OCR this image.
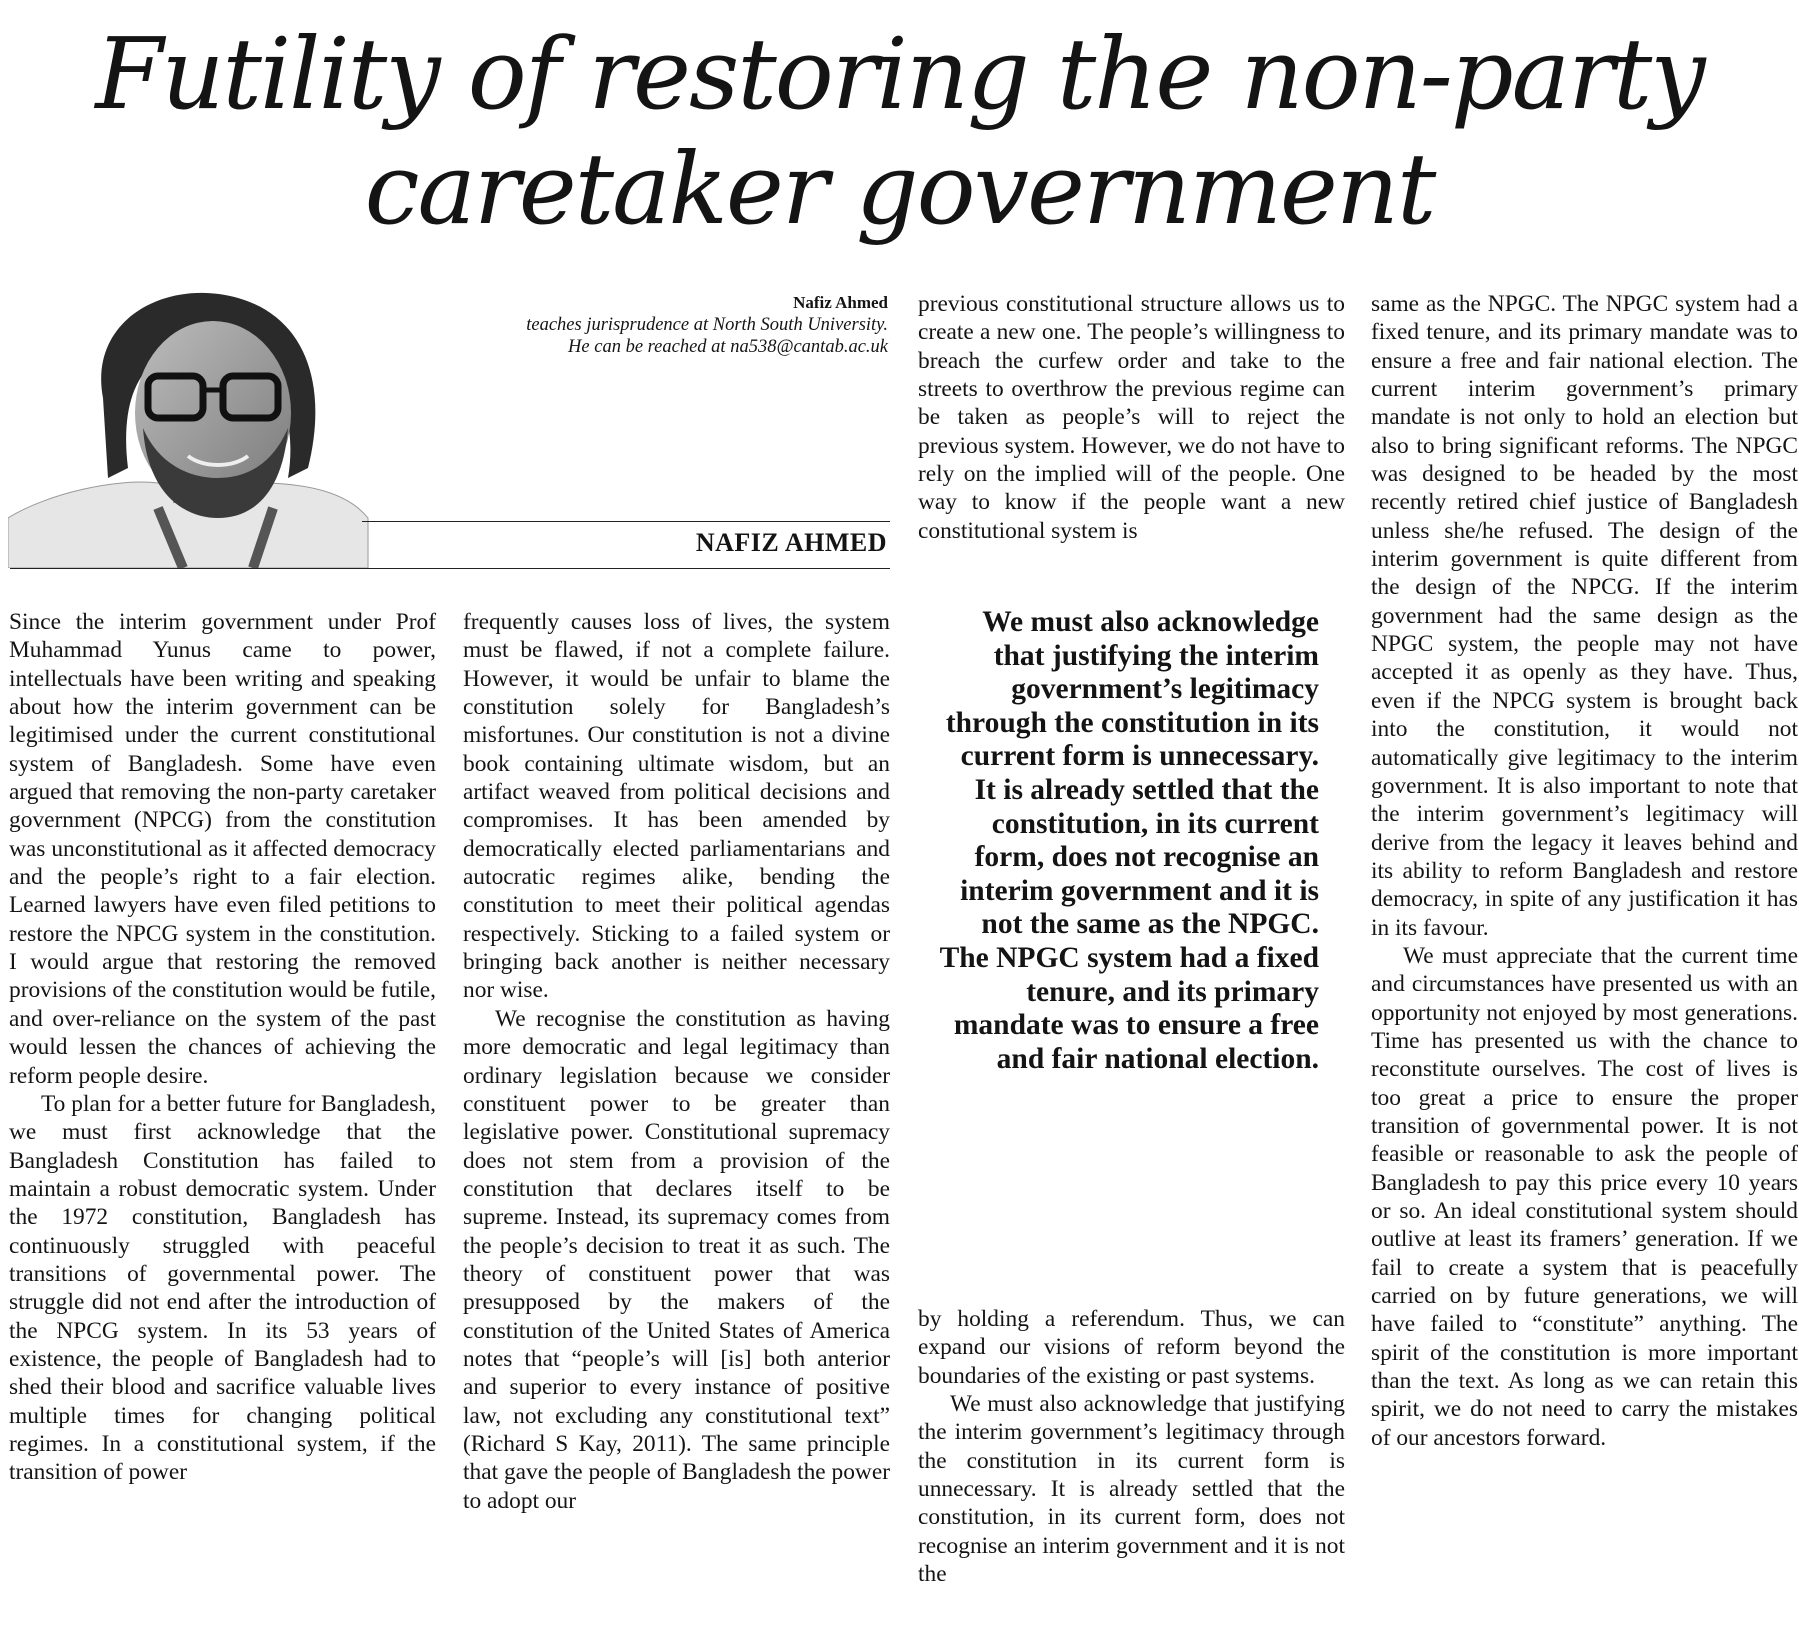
Futility of restoring the non-party
caretaker government
Nafiz Ahmed
teaches jurisprudence at North South University. He can be reached at na538@cantab.ac.uk
NAFIZ AHMED

Since the interim government under Prof Muhammad Yunus came to power, intellectuals have been writing and speaking about how the interim government can be legitimised under the current constitutional system of Bangladesh. Some have even argued that removing the non-party caretaker government (NPCG) from the constitution was unconstitutional as it affected democracy and the people’s right to a fair election. Learned lawyers have even filed petitions to restore the NPCG system in the constitution. I would argue that restoring the removed provisions of the constitution would be futile, and over-reliance on the system of the past would lessen the chances of achieving the reform people desire.

To plan for a better future for Bangladesh, we must first acknowledge that the Bangladesh Constitution has failed to maintain a robust democratic system. Under the 1972 constitution, Bangladesh has continuously struggled with peaceful transitions of governmental power. The struggle did not end after the introduction of the NPCG system. In its 53 years of existence, the people of Bangladesh had to shed their blood and sacrifice valuable lives multiple times for changing political regimes. In a constitutional system, if the transition of power

frequently causes loss of lives, the system must be flawed, if not a complete failure. However, it would be unfair to blame the constitution solely for Bangladesh’s misfortunes. Our constitution is not a divine book containing ultimate wisdom, but an artifact weaved from political decisions and compromises. It has been amended by democratically elected parliamentarians and autocratic regimes alike, bending the constitution to meet their political agendas respectively. Sticking to a failed system or bringing back another is neither necessary nor wise.

We recognise the constitution as having more democratic and legal legitimacy than ordinary legislation because we consider constituent power to be greater than legislative power. Constitutional supremacy does not stem from a provision of the constitution that declares itself to be supreme. Instead, its supremacy comes from the people’s decision to treat it as such. The theory of constituent power that was presupposed by the makers of the constitution of the United States of America notes that “people’s will [is] both anterior and superior to every instance of positive law, not excluding any constitutional text” (Richard S Kay, 2011). The same principle that gave the people of Bangladesh the power to adopt our

previous constitutional structure allows us to create a new one. The people’s willingness to breach the curfew order and take to the streets to overthrow the previous regime can be taken as people’s will to reject the previous system. However, we do not have to rely on the implied will of the people. One way to know if the people want a new constitutional system is

We must also acknowledge that justifying the interim government’s legitimacy through the constitution in its current form is unnecessary. It is already settled that the constitution, in its current form, does not recognise an interim government and it is not the same as the NPGC. The NPGC system had a fixed tenure, and its primary mandate was to ensure a free and fair national election.

by holding a referendum. Thus, we can expand our visions of reform beyond the boundaries of the existing or past systems.

We must also acknowledge that justifying the interim government’s legitimacy through the constitution in its current form is unnecessary. It is already settled that the constitution, in its current form, does not recognise an interim government and it is not the

same as the NPGC. The NPGC system had a fixed tenure, and its primary mandate was to ensure a free and fair national election. The current interim government’s primary mandate is not only to hold an election but also to bring significant reforms. The NPGC was designed to be headed by the most recently retired chief justice of Bangladesh unless she/he refused. The design of the interim government is quite different from the design of the NPCG. If the interim government had the same design as the NPGC system, the people may not have accepted it as openly as they have. Thus, even if the NPCG system is brought back into the constitution, it would not automatically give legitimacy to the interim government. It is also important to note that the interim government’s legitimacy will derive from the legacy it leaves behind and its ability to reform Bangladesh and restore democracy, in spite of any justification it has in its favour.

We must appreciate that the current time and circumstances have presented us with an opportunity not enjoyed by most generations. Time has presented us with the chance to reconstitute ourselves. The cost of lives is too great a price to ensure the proper transition of governmental power. It is not feasible or reasonable to ask the people of Bangladesh to pay this price every 10 years or so. An ideal constitutional system should outlive at least its framers’ generation. If we fail to create a system that is peacefully carried on by future generations, we will have failed to “constitute” anything. The spirit of the constitution is more important than the text. As long as we can retain this spirit, we do not need to carry the mistakes of our ancestors forward.
